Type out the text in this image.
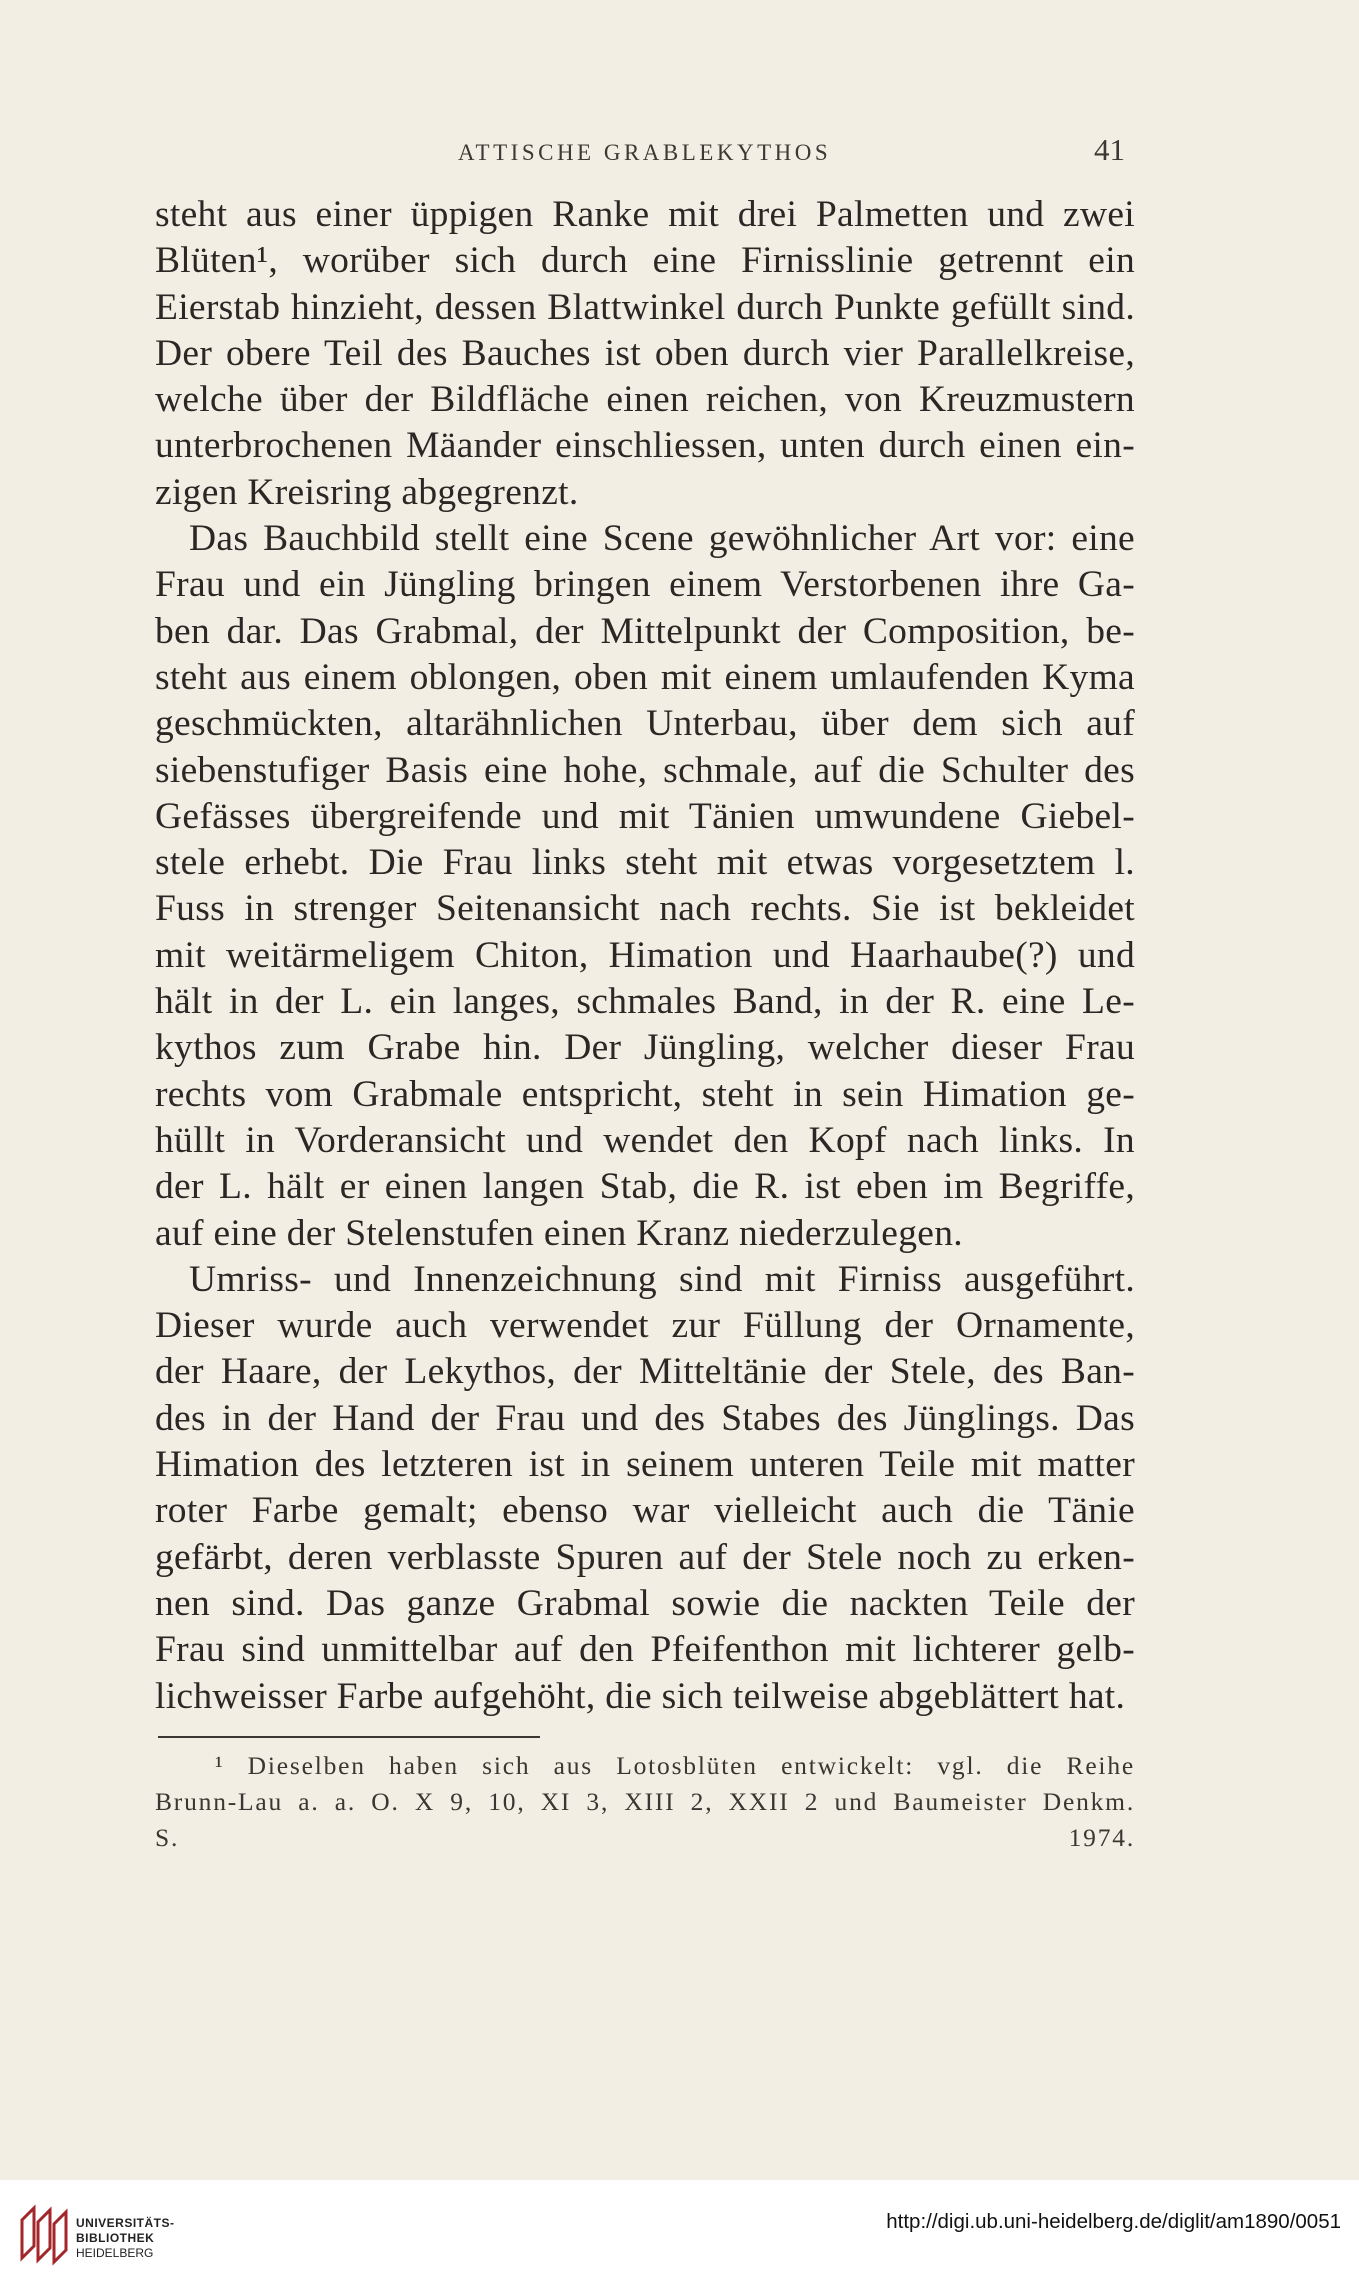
ATTISCHE GRABLEKYTHOS	41
steht aus einer üppigen Ranke mit drei Palmetten und zwei
Blüten¹, worüber sich durch eine Firnisslinie getrennt ein
Eierstab hinzieht, dessen Blattwinkel durch Punkte gefüllt sind.
Der obere Teil des Bauches ist oben durch vier Parallelkreise,
welche über der Bildfläche einen reichen, von Kreuzmustern
unterbrochenen Mäander einschliessen, unten durch einen ein-
zigen Kreisring abgegrenzt.
Das Bauchbild stellt eine Scene gewöhnlicher Art vor: eine
Frau und ein Jüngling bringen einem Verstorbenen ihre Ga-
ben dar. Das Grabmal, der Mittelpunkt der Composition, be-
steht aus einem oblongen, oben mit einem umlaufenden Kyma
geschmückten, altarähnlichen Unterbau, über dem sich auf
siebenstufiger Basis eine hohe, schmale, auf die Schulter des
Gefässes übergreifende und mit Tänien umwundene Giebel-
stele erhebt. Die Frau links steht mit etwas vorgesetztem l.
Fuss in strenger Seitenansicht nach rechts. Sie ist bekleidet
mit weitärmeligem Chiton, Himation und Haarhaube(?) und
hält in der L. ein langes, schmales Band, in der R. eine Le-
kythos zum Grabe hin. Der Jüngling, welcher dieser Frau
rechts vom Grabmale entspricht, steht in sein Himation ge-
hüllt in Vorderansicht und wendet den Kopf nach links. In
der L. hält er einen langen Stab, die R. ist eben im Begriffe,
auf eine der Stelenstufen einen Kranz niederzulegen.
Umriss- und Innenzeichnung sind mit Firniss ausgeführt.
Dieser wurde auch verwendet zur Füllung der Ornamente,
der Haare, der Lekythos, der Mitteltänie der Stele, des Ban-
des in der Hand der Frau und des Stabes des Jünglings. Das
Himation des letzteren ist in seinem unteren Teile mit matter
roter Farbe gemalt; ebenso war vielleicht auch die Tänie
gefärbt, deren verblasste Spuren auf der Stele noch zu erken-
nen sind. Das ganze Grabmal sowie die nackten Teile der
Frau sind unmittelbar auf den Pfeifenthon mit lichterer gelb-
lichweisser Farbe aufgehöht, die sich teilweise abgeblättert hat.
¹ Dieselben haben sich aus Lotosblüten entwickelt: vgl. die Reihe
Brunn-Lau a. a. O. X 9, 10, XI 3, XIII 2, XXII 2 und Baumeister Denkm.
S. 1974.
UNIVERSITÄTS-
BIBLIOTHEK
HEIDELBERG
http://digi.ub.uni-heidelberg.de/diglit/am1890/0051
